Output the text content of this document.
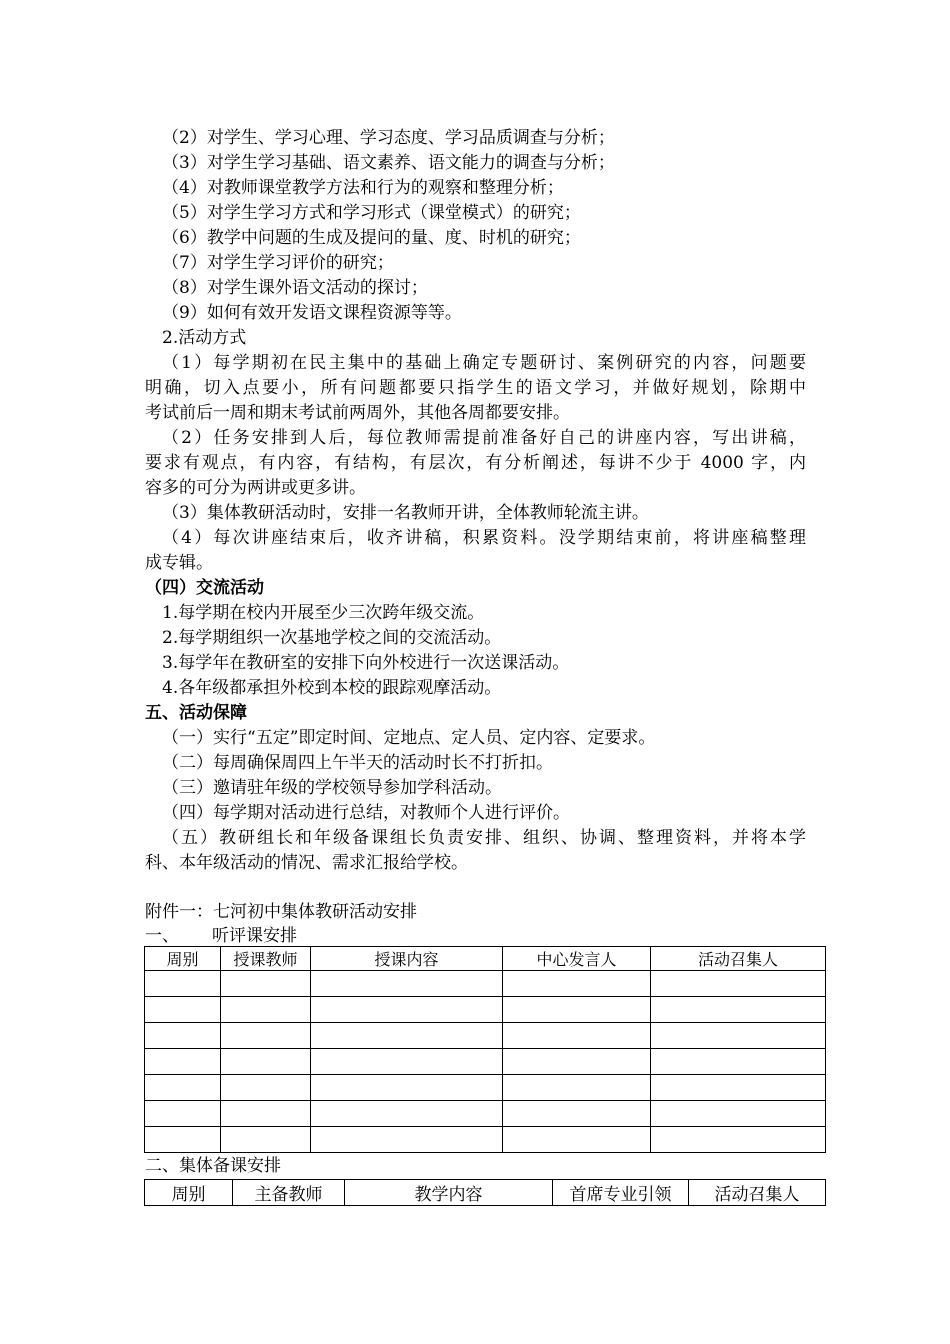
（2）对学生、学习心理、学习态度、学习品质调查与分析；
（3）对学生学习基础、语文素养、语文能力的调查与分析；
（4）对教师课堂教学方法和行为的观察和整理分析；
（5）对学生学习方式和学习形式（课堂模式）的研究；
（6）教学中问题的生成及提问的量、度、时机的研究；
（7）对学生学习评价的研究；
（8）对学生课外语文活动的探讨；
（9）如何有效开发语文课程资源等等。
2.活动方式
（1）每学期初在民主集中的基础上确定专题研讨、案例研究的内容，问题要
明确，切入点要小，所有问题都要只指学生的语文学习，并做好规划，除期中
考试前后一周和期末考试前两周外，其他各周都要安排。
（2）任务安排到人后，每位教师需提前准备好自己的讲座内容，写出讲稿，
要求有观点，有内容，有结构，有层次，有分析阐述，每讲不少于 4000 字，内
容多的可分为两讲或更多讲。
（3）集体教研活动时，安排一名教师开讲，全体教师轮流主讲。
（4）每次讲座结束后，收齐讲稿，积累资料。没学期结束前，将讲座稿整理
成专辑。
（四）交流活动
1.每学期在校内开展至少三次跨年级交流。
2.每学期组织一次基地学校之间的交流活动。
3.每学年在教研室的安排下向外校进行一次送课活动。
4.各年级都承担外校到本校的跟踪观摩活动。
五、活动保障
（一）实行“五定”即定时间、定地点、定人员、定内容、定要求。
（二）每周确保周四上午半天的活动时长不打折扣。
（三）邀请驻年级的学校领导参加学科活动。
（四）每学期对活动进行总结，对教师个人进行评价。
（五）教研组长和年级备课组长负责安排、组织、协调、整理资料，并将本学
科、本年级活动的情况、需求汇报给学校。
附件一：七河初中集体教研活动安排
一、 听评课安排
周别	授课教师	授课内容	中心发言人	活动召集人

二、集体备课安排
周别	主备教师	教学内容	首席专业引领	活动召集人
